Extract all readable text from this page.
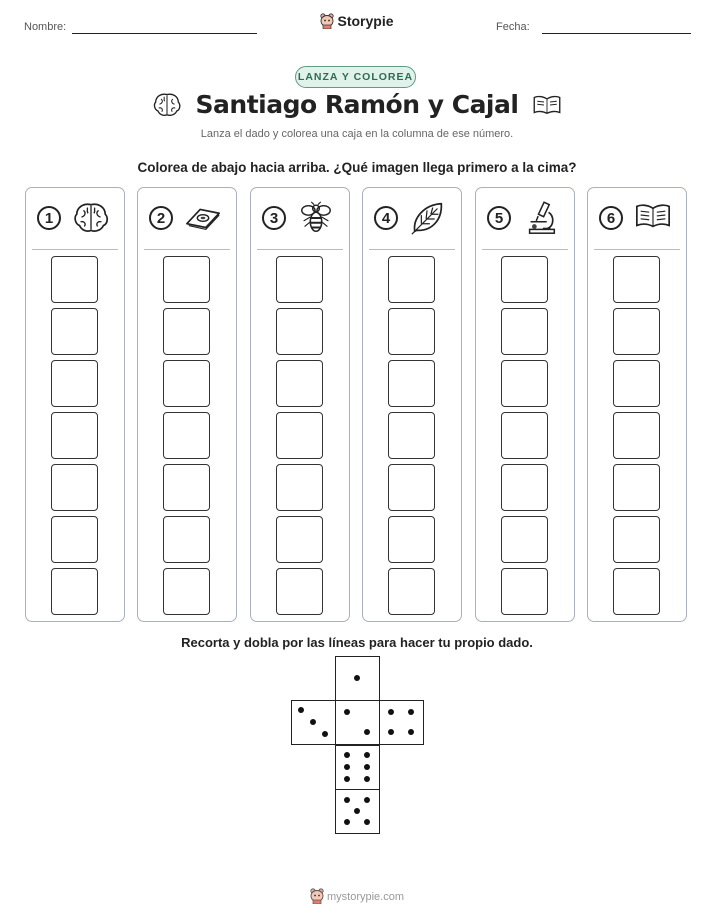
Nombre:	Storypie	Fecha:
LANZA Y COLOREA
Santiago Ramón y Cajal
Lanza el dado y colorea una caja en la columna de ese número.
Colorea de abajo hacia arriba. ¿Qué imagen llega primero a la cima?
1	2	3	4	5	6
Recorta y dobla por las líneas para hacer tu propio dado.
mystorypie.com
